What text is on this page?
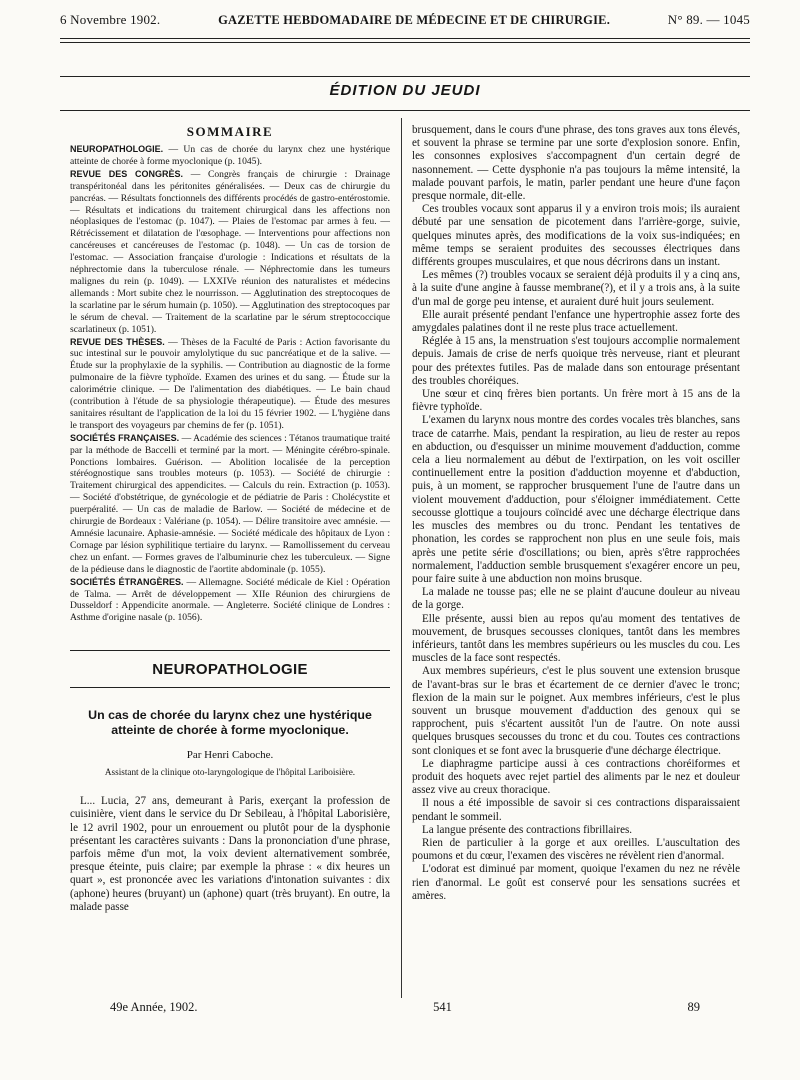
6 Novembre 1902.	GAZETTE HEBDOMADAIRE DE MÉDECINE ET DE CHIRURGIE.	N° 89. — 1045
ÉDITION DU JEUDI
SOMMAIRE

NEUROPATHOLOGIE. — Un cas de chorée du larynx chez une hystérique atteinte de chorée à forme myoclonique (p. 1045).

REVUE DES CONGRÈS. — Congrès français de chirurgie : Drainage transpéritonéal dans les péritonites généralisées. — Deux cas de chirurgie du pancréas. — Résultats fonctionnels des différents procédés de gastro-entérostomie. — Résultats et indications du traitement chirurgical dans les affections non néoplasiques de l'estomac (p. 1047). — Plaies de l'estomac par armes à feu. — Rétrécissement et dilatation de l'œsophage. — Interventions pour affections non cancéreuses et cancéreuses de l'estomac (p. 1048). — Un cas de torsion de l'estomac. — Association française d'urologie : Indications et résultats de la néphrectomie dans la tuberculose rénale. — Néphrectomie dans les tumeurs malignes du rein (p. 1049). — LXXIVe réunion des naturalistes et médecins allemands : Mort subite chez le nourrisson. — Agglutination des streptocoques de la scarlatine par le sérum humain (p. 1050). — Agglutination des streptocoques par le sérum de cheval. — Traitement de la scarlatine par le sérum streptococcique scarlatineux (p. 1051).

REVUE DES THÈSES. — Thèses de la Faculté de Paris : Action favorisante du suc intestinal sur le pouvoir amylolytique du suc pancréatique et de la salive. — Étude sur la prophylaxie de la syphilis. — Contribution au diagnostic de la forme pulmonaire de la fièvre typhoïde. Examen des urines et du sang. — Étude sur la calorimétrie clinique. — De l'alimentation des diabétiques. — Le bain chaud (contribution à l'étude de sa physiologie thérapeutique). — Étude des mesures sanitaires résultant de l'application de la loi du 15 février 1902. — L'hygiène dans le transport des voyageurs par chemins de fer (p. 1051).

SOCIÉTÉS FRANÇAISES. — Académie des sciences : Tétanos traumatique traité par la méthode de Baccelli et terminé par la mort. — Méningite cérébro-spinale. Ponctions lombaires. Guérison. — Abolition localisée de la perception stéréognostique sans troubles moteurs (p. 1053). — Société de chirurgie : Traitement chirurgical des appendicites. — Calculs du rein. Extraction (p. 1053). — Société d'obstétrique, de gynécologie et de pédiatrie de Paris : Cholécystite et puerpéralité. — Un cas de maladie de Barlow. — Société de médecine et de chirurgie de Bordeaux : Valériane (p. 1054). — Délire transitoire avec amnésie. — Amnésie lacunaire. Aphasie-amnésie. — Société médicale des hôpitaux de Lyon : Cornage par lésion syphilitique tertiaire du larynx. — Ramollissement du cerveau chez un enfant. — Formes graves de l'albuminurie chez les tuberculeux. — Signe de la pédieuse dans le diagnostic de l'aortite abdominale (p. 1055).

SOCIÉTÉS ÉTRANGÈRES. — Allemagne. Société médicale de Kiel : Opération de Talma. — Arrêt de développement — XIIe Réunion des chirurgiens de Dusseldorf : Appendicite anormale. — Angleterre. Société clinique de Londres : Asthme d'origine nasale (p. 1056).

NEUROPATHOLOGIE
Un cas de chorée du larynx chez une hystérique atteinte de chorée à forme myoclonique.
Par Henri Caboche.
Assistant de la clinique oto-laryngologique de l'hôpital Lariboisière.

L... Lucia, 27 ans, demeurant à Paris, exerçant la profession de cuisinière, vient dans le service du Dr Sebileau, à l'hôpital Laborisière, le 12 avril 1902, pour un enrouement ou plutôt pour de la dysphonie présentant les caractères suivants : Dans la prononciation d'une phrase, parfois même d'un mot, la voix devient alternativement sombrée, presque éteinte, puis claire; par exemple la phrase : « dix heures un quart », est prononcée avec les variations d'intonation suivantes : dix (aphone) heures (bruyant) un (aphone) quart (très bruyant). En outre, la malade passe

brusquement, dans le cours d'une phrase, des tons graves aux tons élevés, et souvent la phrase se termine par une sorte d'explosion sonore. Enfin, les consonnes explosives s'accompagnent d'un certain degré de nasonnement. — Cette dysphonie n'a pas toujours la même intensité, la malade pouvant parfois, le matin, parler pendant une heure d'une façon presque normale, dit-elle.

Ces troubles vocaux sont apparus il y a environ trois mois; ils auraient débuté par une sensation de picotement dans l'arrière-gorge, suivie, quelques minutes après, des modifications de la voix sus-indiquées; en même temps se seraient produites des secousses électriques dans différents groupes musculaires, et que nous décrirons dans un instant.

Les mêmes (?) troubles vocaux se seraient déjà produits il y a cinq ans, à la suite d'une angine à fausse membrane(?), et il y a trois ans, à la suite d'un mal de gorge peu intense, et auraient duré huit jours seulement.

Elle aurait présenté pendant l'enfance une hypertrophie assez forte des amygdales palatines dont il ne reste plus trace actuellement.

Réglée à 15 ans, la menstruation s'est toujours accomplie normalement depuis. Jamais de crise de nerfs quoique très nerveuse, riant et pleurant pour des prétextes futiles. Pas de malade dans son entourage présentant des troubles choréiques.

Une sœur et cinq frères bien portants. Un frère mort à 15 ans de la fièvre typhoïde.

L'examen du larynx nous montre des cordes vocales très blanches, sans trace de catarrhe. Mais, pendant la respiration, au lieu de rester au repos en abduction, ou d'esquisser un minime mouvement d'adduction, comme cela a lieu normalement au début de l'extirpation, on les voit osciller continuellement entre la position d'adduction moyenne et d'abduction, puis, à un moment, se rapprocher brusquement l'une de l'autre dans un violent mouvement d'adduction, pour s'éloigner immédiatement. Cette secousse glottique a toujours coïncidé avec une décharge électrique dans les muscles des membres ou du tronc. Pendant les tentatives de phonation, les cordes se rapprochent non plus en une seule fois, mais après une petite série d'oscillations; ou bien, après s'être rapprochées normalement, l'adduction semble brusquement s'exagérer encore un peu, pour faire suite à une abduction non moins brusque.

La malade ne tousse pas; elle ne se plaint d'aucune douleur au niveau de la gorge.

Elle présente, aussi bien au repos qu'au moment des tentatives de mouvement, de brusques secousses cloniques, tantôt dans les membres inférieurs, tantôt dans les membres supérieurs ou les muscles du cou. Les muscles de la face sont respectés.

Aux membres supérieurs, c'est le plus souvent une extension brusque de l'avant-bras sur le bras et écartement de ce dernier d'avec le tronc; flexion de la main sur le poignet. Aux membres inférieurs, c'est le plus souvent un brusque mouvement d'adduction des genoux qui se rapprochent, puis s'écartent aussitôt l'un de l'autre. On note aussi quelques brusques secousses du tronc et du cou. Toutes ces contractions sont cloniques et se font avec la brusquerie d'une décharge électrique.

Le diaphragme participe aussi à ces contractions choréiformes et produit des hoquets avec rejet partiel des aliments par le nez et douleur assez vive au creux thoracique.

Il nous a été impossible de savoir si ces contractions disparaissaient pendant le sommeil.

La langue présente des contractions fibrillaires.

Rien de particulier à la gorge et aux oreilles. L'auscultation des poumons et du cœur, l'examen des viscères ne révèlent rien d'anormal.

L'odorat est diminué par moment, quoique l'examen du nez ne révèle rien d'anormal. Le goût est conservé pour les sensations sucrées et amères.

49e Année, 1902.	541	89
